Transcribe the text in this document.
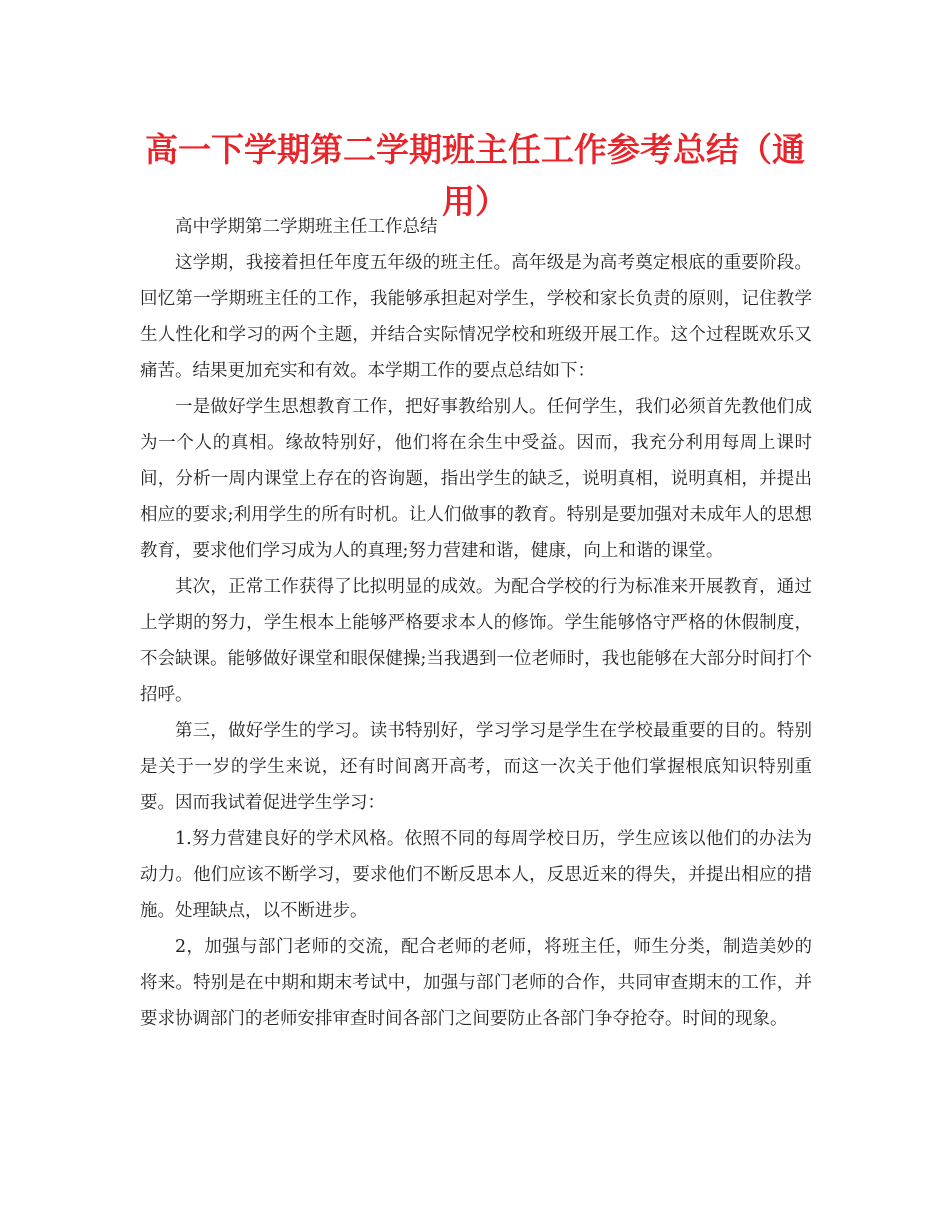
高一下学期第二学期班主任工作参考总结（通用）

高中学期第二学期班主任工作总结

这学期，我接着担任年度五年级的班主任。高年级是为高考奠定根底的重要阶段。回忆第一学期班主任的工作，我能够承担起对学生，学校和家长负责的原则，记住教学生人性化和学习的两个主题，并结合实际情况学校和班级开展工作。这个过程既欢乐又痛苦。结果更加充实和有效。本学期工作的要点总结如下：

一是做好学生思想教育工作，把好事教给别人。任何学生，我们必须首先教他们成为一个人的真相。缘故特别好，他们将在余生中受益。因而，我充分利用每周上课时间，分析一周内课堂上存在的咨询题，指出学生的缺乏，说明真相，说明真相，并提出相应的要求;利用学生的所有时机。让人们做事的教育。特别是要加强对未成年人的思想教育，要求他们学习成为人的真理;努力营建和谐，健康，向上和谐的课堂。

其次，正常工作获得了比拟明显的成效。为配合学校的行为标准来开展教育，通过上学期的努力，学生根本上能够严格要求本人的修饰。学生能够恪守严格的休假制度，不会缺课。能够做好课堂和眼保健操;当我遇到一位老师时，我也能够在大部分时间打个招呼。

第三，做好学生的学习。读书特别好，学习学习是学生在学校最重要的目的。特别是关于一岁的学生来说，还有时间离开高考，而这一次关于他们掌握根底知识特别重要。因而我试着促进学生学习：

1.努力营建良好的学术风格。依照不同的每周学校日历，学生应该以他们的办法为动力。他们应该不断学习，要求他们不断反思本人，反思近来的得失，并提出相应的措施。处理缺点，以不断进步。

2，加强与部门老师的交流，配合老师的老师，将班主任，师生分类，制造美妙的将来。特别是在中期和期末考试中，加强与部门老师的合作，共同审查期末的工作，并要求协调部门的老师安排审查时间各部门之间要防止各部门争夺抢夺。时间的现象。
